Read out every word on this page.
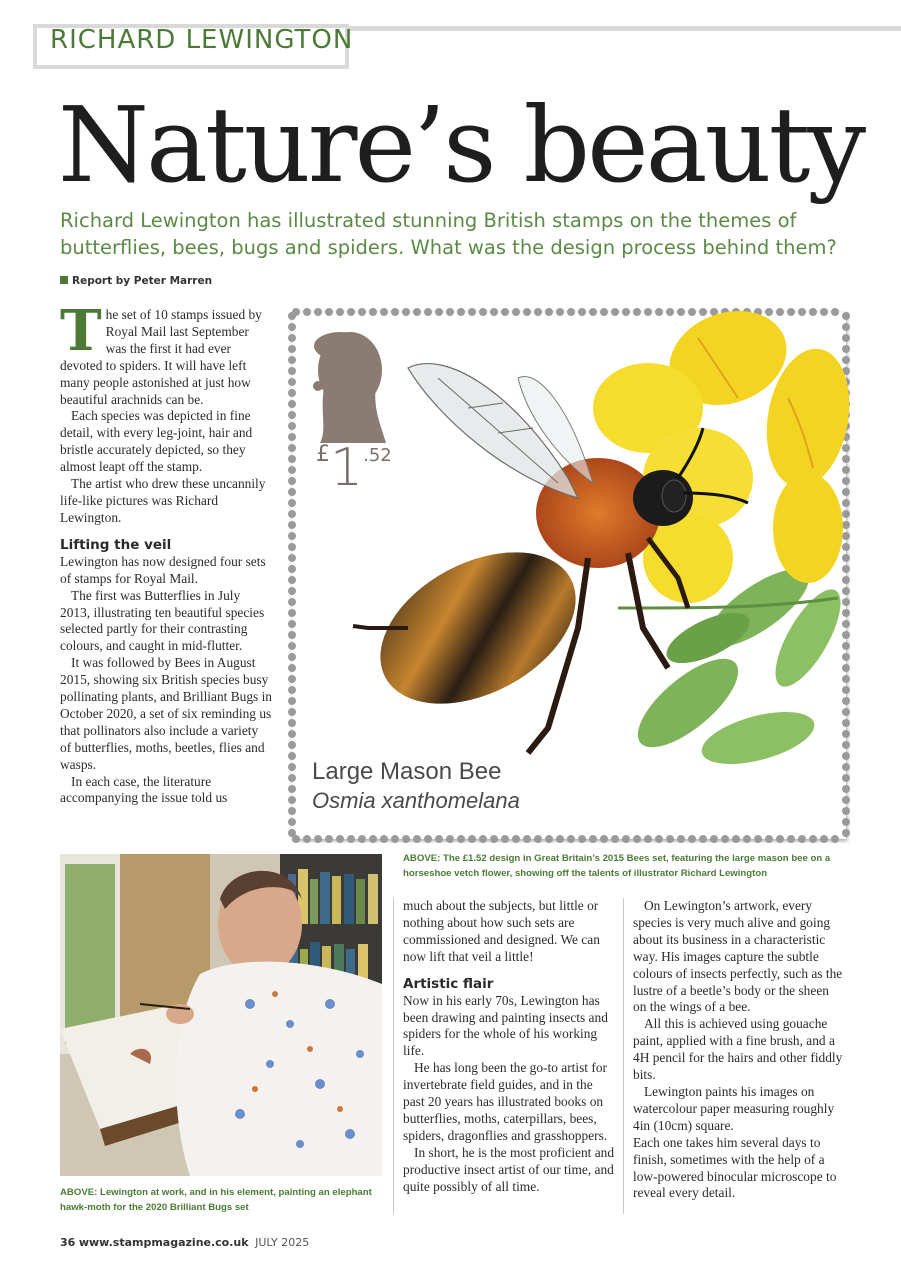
RICHARD LEWINGTON
Nature’s beauty
Richard Lewington has illustrated stunning British stamps on the themes of butterflies, bees, bugs and spiders. What was the design process behind them?
Report by Peter Marren

The set of 10 stamps issued by Royal Mail last September was the first it had ever devoted to spiders. It will have left many people astonished at just how beautiful arachnids can be.

Each species was depicted in fine detail, with every leg-joint, hair and bristle accurately depicted, so they almost leapt off the stamp.

The artist who drew these uncannily life-like pictures was Richard Lewington.

Lifting the veil

Lewington has now designed four sets of stamps for Royal Mail.

The first was Butterflies in July 2013, illustrating ten beautiful species selected partly for their contrasting colours, and caught in mid-flutter.

It was followed by Bees in August 2015, showing six British species busy pollinating plants, and Brilliant Bugs in October 2020, a set of six reminding us that pollinators also include a variety of butterflies, moths, beetles, flies and wasps.

In each case, the literature accompanying the issue told us

£1.52
Large Mason Bee
Osmia xanthomelana
ABOVE: The £1.52 design in Great Britain’s 2015 Bees set, featuring the large mason bee on a horseshoe vetch flower, showing off the talents of illustrator Richard Lewington
ABOVE: Lewington at work, and in his element, painting an elephant hawk-moth for the 2020 Brilliant Bugs set

much about the subjects, but little or nothing about how such sets are commissioned and designed. We can now lift that veil a little!

Artistic flair

Now in his early 70s, Lewington has been drawing and painting insects and spiders for the whole of his working life.

He has long been the go-to artist for invertebrate field guides, and in the past 20 years has illustrated books on butterflies, moths, caterpillars, bees, spiders, dragonflies and grasshoppers.

In short, he is the most proficient and productive insect artist of our time, and quite possibly of all time.

On Lewington’s artwork, every species is very much alive and going about its business in a characteristic way. His images capture the subtle colours of insects perfectly, such as the lustre of a beetle’s body or the sheen on the wings of a bee.

All this is achieved using gouache paint, applied with a fine brush, and a 4H pencil for the hairs and other fiddly bits.

Lewington paints his images on watercolour paper measuring roughly 4in (10cm) square.

Each one takes him several days to finish, sometimes with the help of a low-powered binocular microscope to reveal every detail.

36 www.stampmagazine.co.uk JULY 2025
